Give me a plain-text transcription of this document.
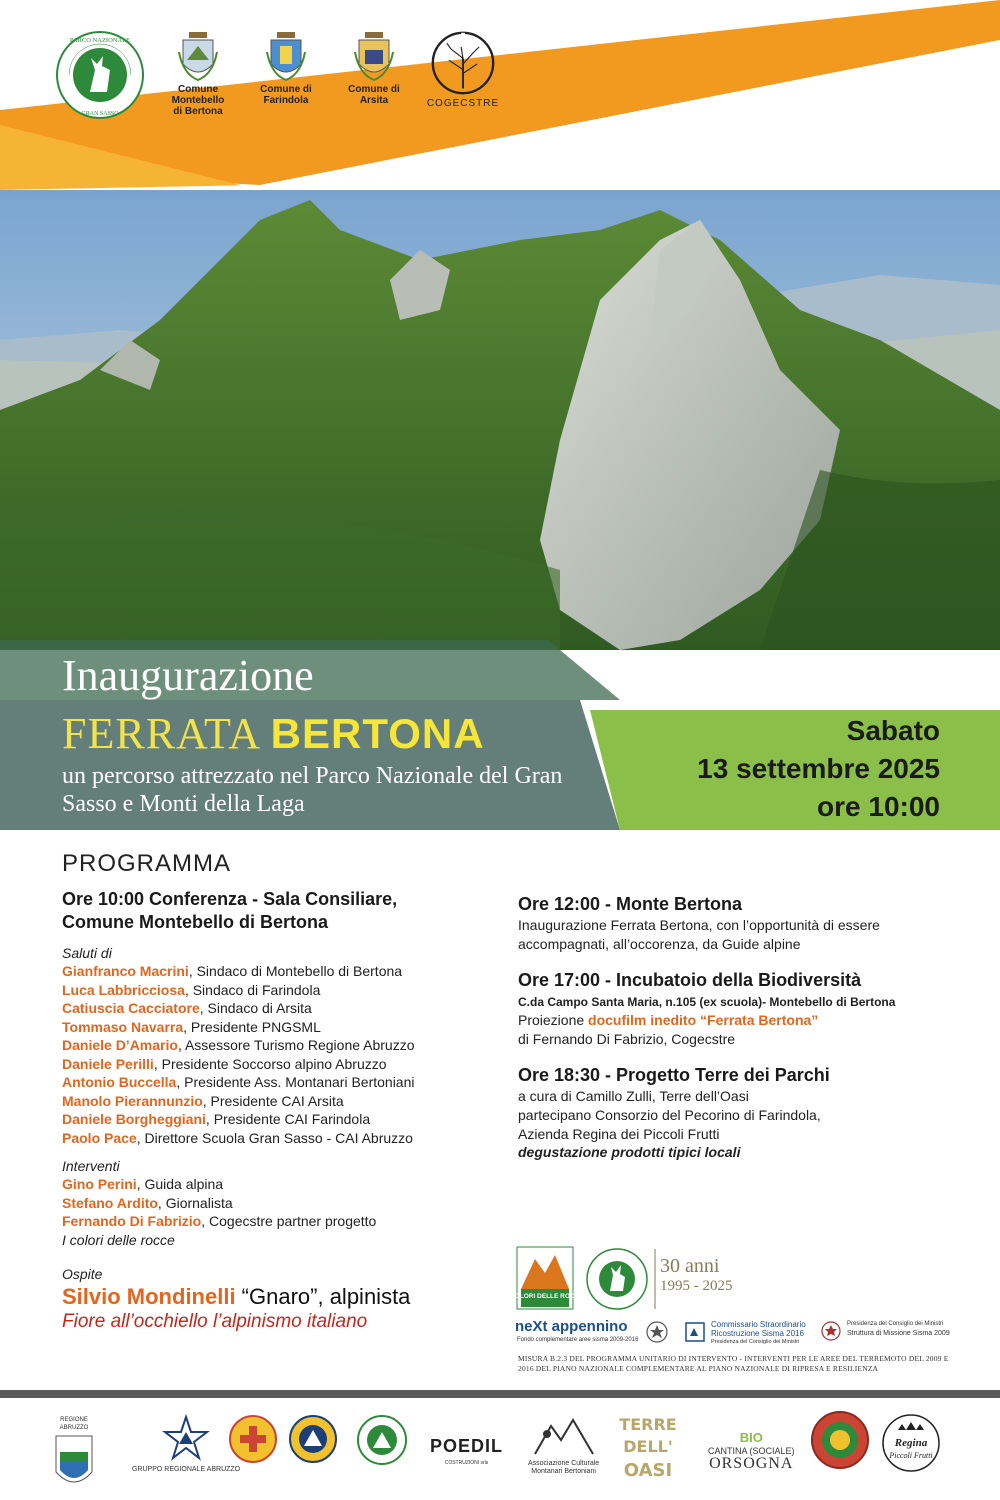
PARCO NAZIONALE
GRAN SASSO
Comune Montebello
di Bertona
Comune di
Farindola
Comune di
Arsita	COGECSTRE
Inaugurazione
FERRATA BERTONA
un percorso attrezzato nel Parco Nazionale del Gran Sasso e Monti della Laga
Sabato
13 settembre 2025
ore 10:00
PROGRAMMA
Ore 10:00 Conferenza - Sala Consiliare,
Comune Montebello di Bertona
Saluti di
Gianfranco Macrini, Sindaco di Montebello di Bertona
Luca Labbricciosa, Sindaco di Farindola
Catiuscia Cacciatore, Sindaco di Arsita
Tommaso Navarra, Presidente PNGSML
Daniele D’Amario, Assessore Turismo Regione Abruzzo
Daniele Perilli, Presidente Soccorso alpino Abruzzo
Antonio Buccella, Presidente Ass. Montanari Bertoniani
Manolo Pierannunzio, Presidente CAI Arsita
Daniele Borgheggiani, Presidente CAI Farindola
Paolo Pace, Direttore Scuola Gran Sasso - CAI Abruzzo
Interventi
Gino Perini, Guida alpina
Stefano Ardito, Giornalista
Fernando Di Fabrizio, Cogecstre partner progetto
I colori delle rocce
Ospite
Silvio Mondinelli “Gnaro”, alpinista
Fiore all’occhiello l’alpinismo italiano
Ore 12:00 - Monte Bertona
Inaugurazione Ferrata Bertona, con l’opportunità di essere
accompagnati, all’occorenza, da Guide alpine
Ore 17:00 - Incubatoio della Biodiversità
C.da Campo Santa Maria, n.105 (ex scuola)- Montebello di Bertona
Proiezione docufilm inedito “Ferrata Bertona”
di Fernando Di Fabrizio, Cogecstre
Ore 18:30 - Progetto Terre dei Parchi
a cura di Camillo Zulli, Terre dell’Oasi
partecipano Consorzio del Pecorino di Farindola,
Azienda Regina dei Piccoli Frutti
degustazione prodotti tipici locali
I COLORI DELLE ROCCE
30 anni
1995 - 2025
neXt appennino
Fondo complementare aree sisma 2009-2016
Commissario Straordinario
Ricostruzione Sisma 2016
Presidenza del Consiglio dei Ministri
Presidenza del Consiglio dei Ministri
Struttura di Missione Sisma 2009
MISURA B.2.3 DEL PROGRAMMA UNITARIO DI INTERVENTO - INTERVENTI PER LE AREE DEL TERREMOTO DEL 2009 E 2016 DEL PIANO NAZIONALE COMPLEMENTARE AL PIANO NAZIONALE DI RIPRESA E RESILIENZA
REGIONE
ABRUZZO
GRUPPO REGIONALE ABRUZZO
POEDIL
COSTRUZIONI srls	Associazione Culturale
Montanari Bertoniani
TERRE
DELL'
OASI
BIO
CANTINA (SOCIALE)
ORSOGNA
Regina
Piccoli Frutti
